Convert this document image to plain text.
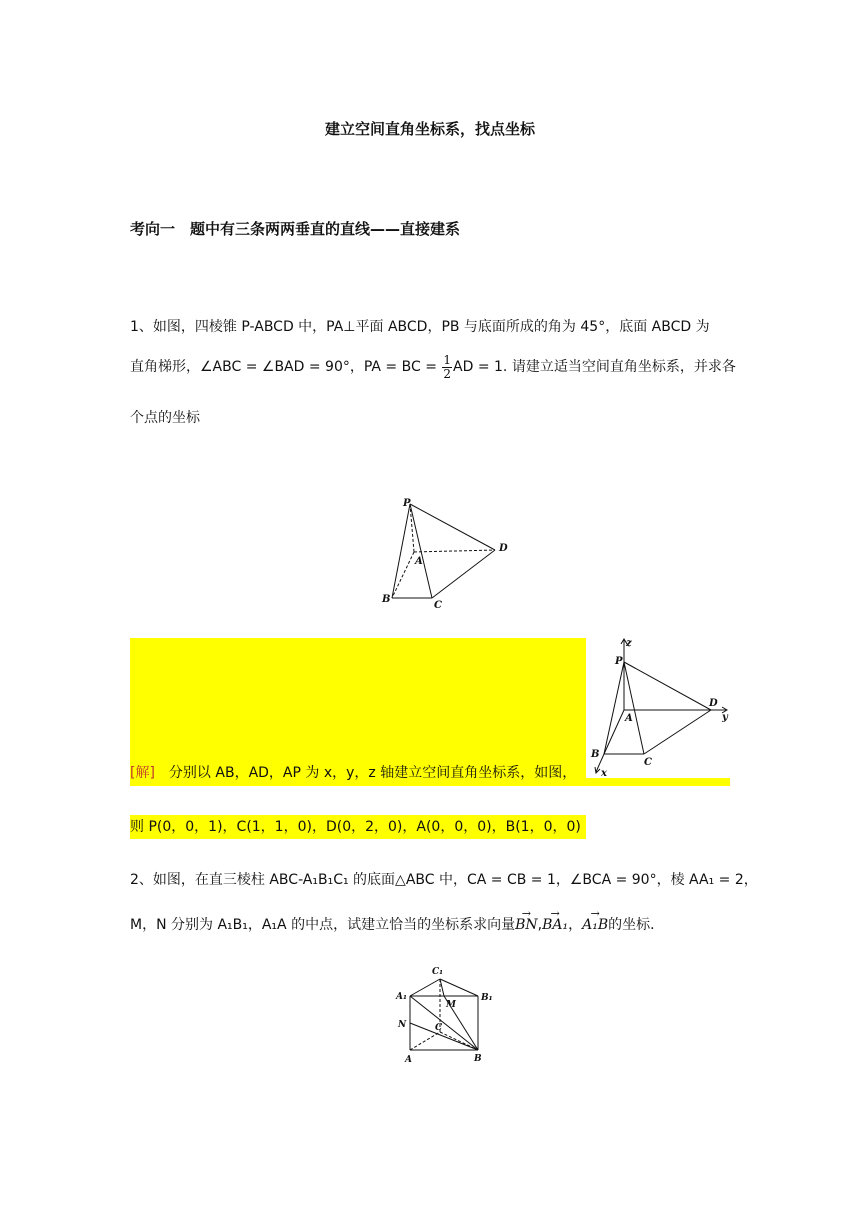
建立空间直角坐标系，找点坐标
考向一　题中有三条两两垂直的直线——直接建系
1、如图，四棱锥 P-ABCD 中，PA⊥平面 ABCD，PB 与底面所成的角为 45°，底面 ABCD 为
直角梯形，∠ABC = ∠BAD = 90°，PA = BC = $\frac{1}{2}$ AD = 1. 请建立适当空间直角坐标系，并求各
个点的坐标
P
A
B
C
D
[解]　分别以 AB，AD，AP 为 x，y，z 轴建立空间直角坐标系，如图，
z
P
A
D
y
B
C
x
则 P(0，0，1)，C(1，1，0)，D(0，2，0)，A(0，0，0)，B(1，0，0)
2、如图，在直三棱柱 ABC-A₁B₁C₁ 的底面△ABC 中，CA = CB = 1，∠BCA = 90°，棱 AA₁ = 2，
M，N 分别为 A₁B₁，A₁A 的中点，试建立恰当的坐标系求向量→ BN,→ BA₁，→ A₁B的坐标．
C₁
A₁	B₁
M
N	C
A	B
